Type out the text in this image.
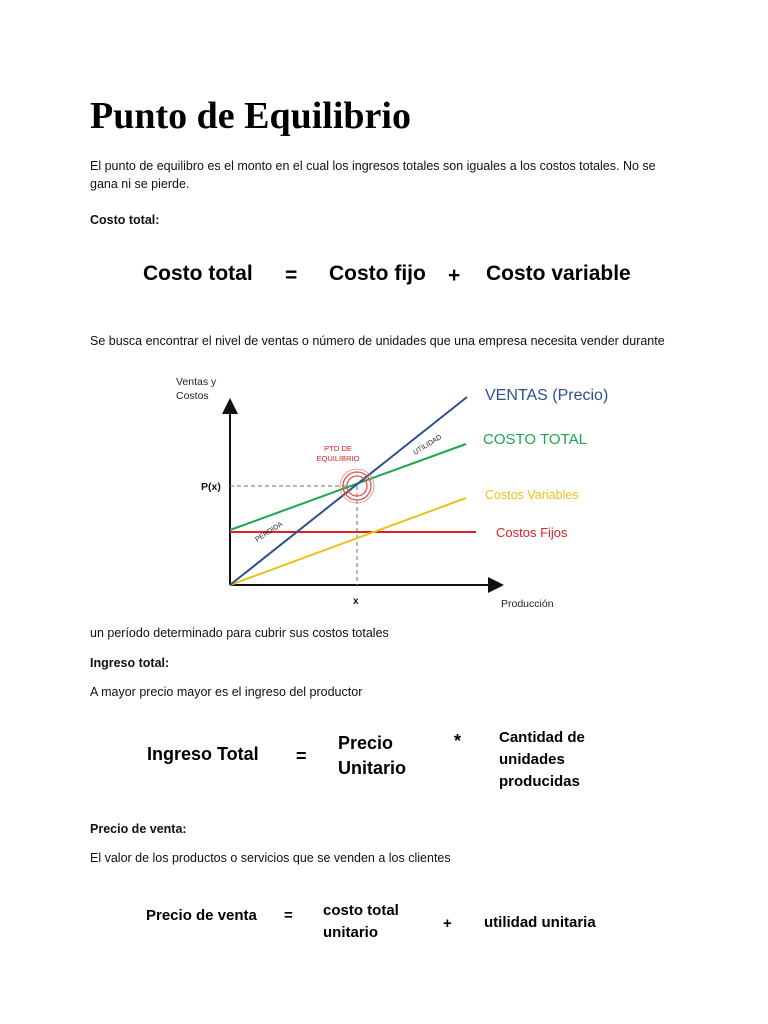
Punto de Equilibrio
El punto de equilibro es el monto en el cual los ingresos totales son iguales a los costos totales. No se gana ni se pierde.
Costo total:
Costo total = Costo fijo + Costo variable
Se busca encontrar el nivel de ventas o número de unidades que una empresa necesita vender durante
Ventas y
Costos
Producción
P(x)
x
PTO DE
EQUILIBRIO
UTILIDAD
PERDIDA
VENTAS (Precio)
COSTO TOTAL
Costos Variables
Costos Fijos
un período determinado para cubrir sus costos totales
Ingreso total:
A mayor precio mayor es el ingreso del productor
Ingreso Total =
Precio
Unitario
*	Cantidad de
unidades
producidas
Precio de venta:
El valor de los productos o servicios que se venden a los clientes
Precio de venta = costo total
unitario
+ utilidad unitaria
